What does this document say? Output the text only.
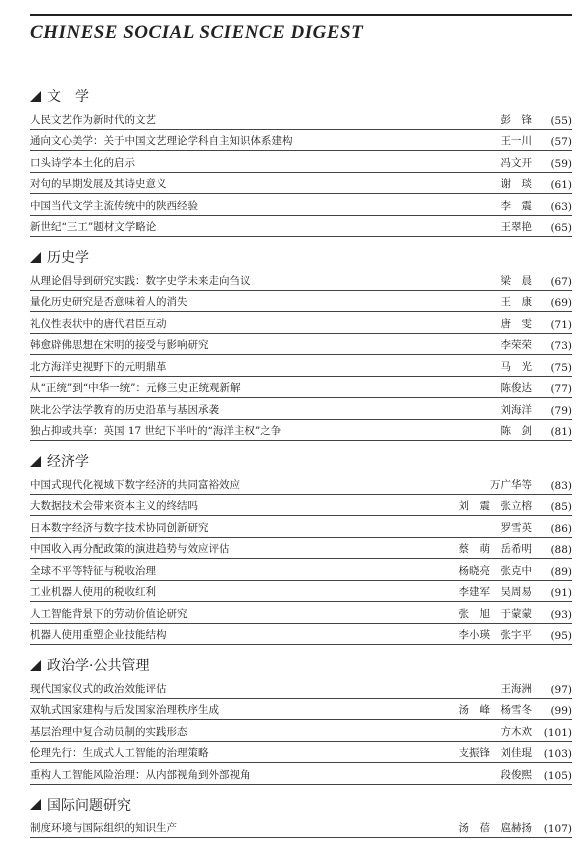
CHINESE SOCIAL SCIENCE DIGEST
文　学
人民文艺作为新时代的文艺	彭　锋	(55)
通向文心美学：关于中国文艺理论学科自主知识体系建构	王一川	(57)
口头诗学本土化的启示	冯文开	(59)
对句的早期发展及其诗史意义	谢　琰	(61)
中国当代文学主流传统中的陕西经验	李　震	(63)
新世纪“三工”题材文学略论	王翠艳	(65)
历史学
从理论倡导到研究实践：数字史学未来走向刍议	梁　晨	(67)
量化历史研究是否意味着人的消失	王　康	(69)
礼仪性表状中的唐代君臣互动	唐　雯	(71)
韩愈辟佛思想在宋明的接受与影响研究	李荣荣	(73)
北方海洋史视野下的元明鼎革	马　光	(75)
从“正统”到“中华一统”：元修三史正统观新解	陈俊达	(77)
陕北公学法学教育的历史沿革与基因承袭	刘海洋	(79)
独占抑或共享：英国 17 世纪下半叶的“海洋主权”之争	陈　剑	(81)
经济学
中国式现代化视域下数字经济的共同富裕效应	万广华等	(83)
大数据技术会带来资本主义的终结吗	刘　震　张立榕	(85)
日本数字经济与数字技术协同创新研究	罗雪英	(86)
中国收入再分配政策的演进趋势与效应评估	蔡　萌　岳希明	(88)
全球不平等特征与税收治理	杨晓亮　张克中	(89)
工业机器人使用的税收红利	李建军　吴周易	(91)
人工智能背景下的劳动价值论研究	张　旭　于蒙蒙	(93)
机器人使用重塑企业技能结构	李小瑛　张宇平	(95)
政治学·公共管理
现代国家仪式的政治效能评估	王海洲	(97)
双轨式国家建构与后发国家治理秩序生成	汤　峰　杨雪冬	(99)
基层治理中复合动员制的实践形态	方木欢	(101)
伦理先行：生成式人工智能的治理策略	支振锋　刘佳琨	(103)
重构人工智能风险治理：从内部视角到外部视角	段俊熙	(105)
国际问题研究
制度环境与国际组织的知识生产	汤　蓓　扈赫扬	(107)
